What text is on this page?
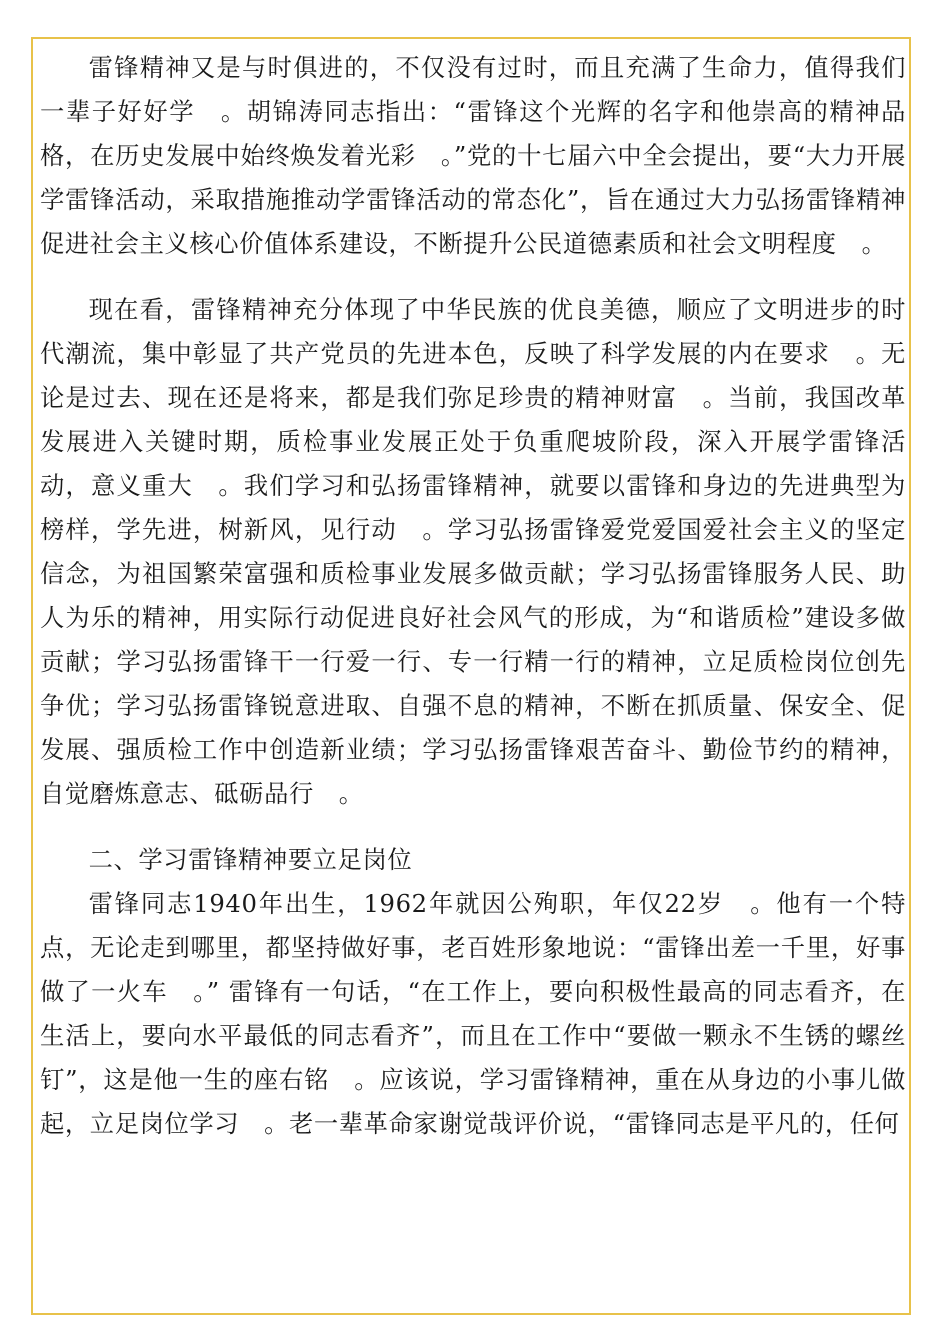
雷锋精神又是与时俱进的，不仅没有过时，而且充满了生命力，值得我们一辈子好好学　。胡锦涛同志指出：“雷锋这个光辉的名字和他崇高的精神品格，在历史发展中始终焕发着光彩　。”党的十七届六中全会提出，要“大力开展学雷锋活动，采取措施推动学雷锋活动的常态化”，旨在通过大力弘扬雷锋精神促进社会主义核心价值体系建设，不断提升公民道德素质和社会文明程度　。

现在看，雷锋精神充分体现了中华民族的优良美德，顺应了文明进步的时代潮流，集中彰显了共产党员的先进本色，反映了科学发展的内在要求　。无论是过去、现在还是将来，都是我们弥足珍贵的精神财富　。当前，我国改革发展进入关键时期，质检事业发展正处于负重爬坡阶段，深入开展学雷锋活动，意义重大　。我们学习和弘扬雷锋精神，就要以雷锋和身边的先进典型为榜样，学先进，树新风，见行动　。学习弘扬雷锋爱党爱国爱社会主义的坚定信念，为祖国繁荣富强和质检事业发展多做贡献；学习弘扬雷锋服务人民、助人为乐的精神，用实际行动促进良好社会风气的形成，为“和谐质检”建设多做贡献；学习弘扬雷锋干一行爱一行、专一行精一行的精神，立足质检岗位创先争优；学习弘扬雷锋锐意进取、自强不息的精神，不断在抓质量、保安全、促发展、强质检工作中创造新业绩；学习弘扬雷锋艰苦奋斗、勤俭节约的精神，自觉磨炼意志、砥砺品行　。

二、学习雷锋精神要立足岗位

雷锋同志1940年出生，1962年就因公殉职，年仅22岁　。他有一个特点，无论走到哪里，都坚持做好事，老百姓形象地说：“雷锋出差一千里，好事做了一火车　。” 雷锋有一句话，“在工作上，要向积极性最高的同志看齐，在生活上，要向水平最低的同志看齐”，而且在工作中“要做一颗永不生锈的螺丝钉”，这是他一生的座右铭　。应该说，学习雷锋精神，重在从身边的小事儿做起，立足岗位学习　。老一辈革命家谢觉哉评价说，“雷锋同志是平凡的，任何
